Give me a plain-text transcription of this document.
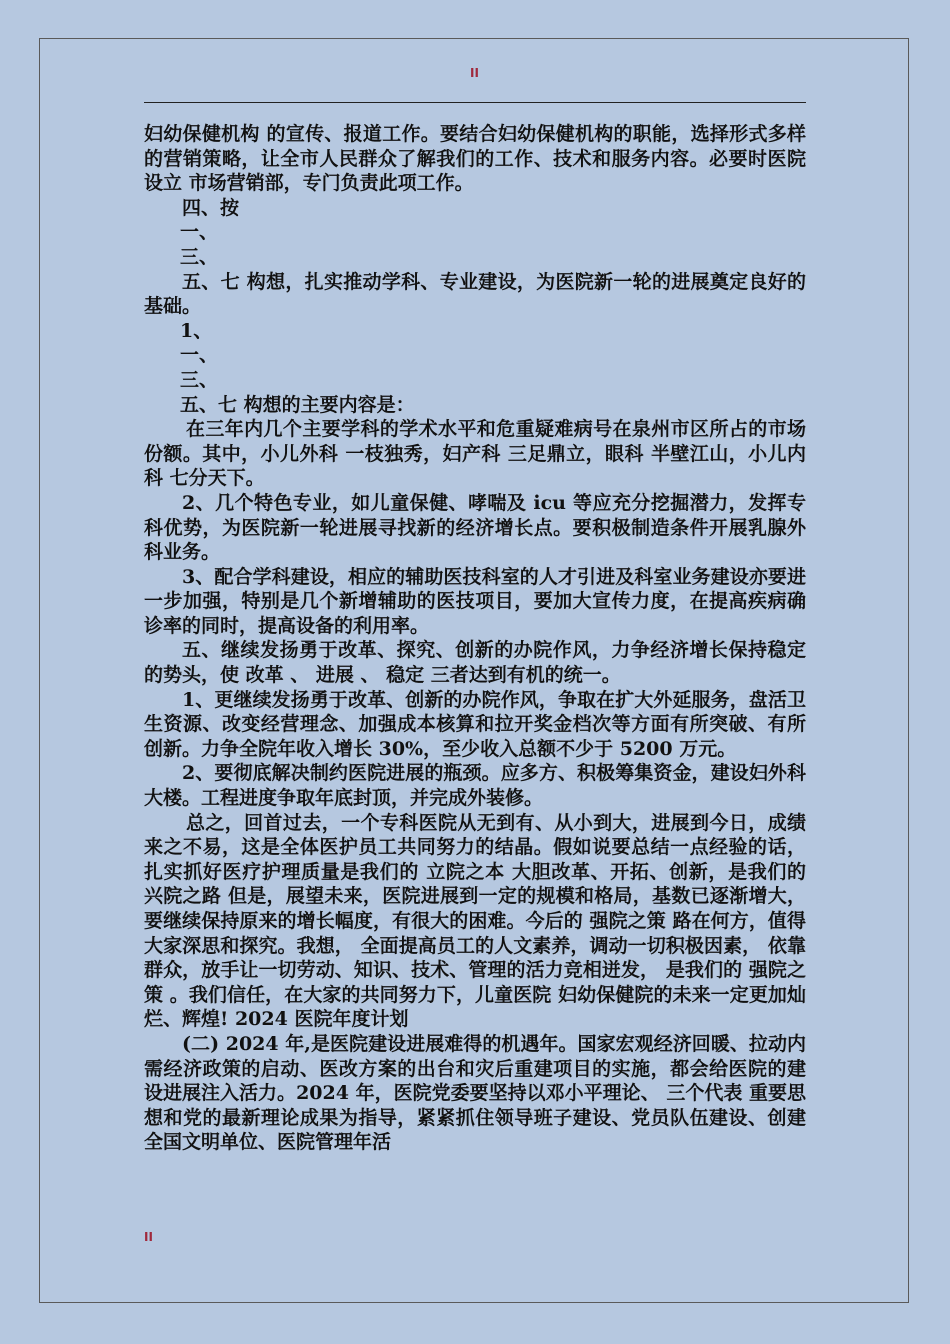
II

妇幼保健机构 的宣传、报道工作。要结合妇幼保健机构的职能，选择形式多样的营销策略，让全市人民群众了解我们的工作、技术和服务内容。必要时医院设立 市场营销部，专门负责此项工作。

四、按

一、

三、

五、七 构想，扎实推动学科、专业建设，为医院新一轮的进展奠定良好的基础。

1、

一、

三、

五、七 构想的主要内容是：

在三年内几个主要学科的学术水平和危重疑难病号在泉州市区所占的市场份额。其中，小儿外科 一枝独秀，妇产科 三足鼎立，眼科 半壁江山，小儿内科 七分天下。

2、几个特色专业，如儿童保健、哮喘及 icu 等应充分挖掘潜力，发挥专科优势，为医院新一轮进展寻找新的经济增长点。要积极制造条件开展乳腺外科业务。

3、配合学科建设，相应的辅助医技科室的人才引进及科室业务建设亦要进一步加强，特别是几个新增辅助的医技项目，要加大宣传力度，在提高疾病确诊率的同时，提高设备的利用率。

五、继续发扬勇于改革、探究、创新的办院作风，力争经济增长保持稳定的势头，使 改革 、 进展 、 稳定 三者达到有机的统一。

1、更继续发扬勇于改革、创新的办院作风，争取在扩大外延服务，盘活卫生资源、改变经营理念、加强成本核算和拉开奖金档次等方面有所突破、有所创新。力争全院年收入增长 30%，至少收入总额不少于 5200 万元。

2、要彻底解决制约医院进展的瓶颈。应多方、积极筹集资金，建设妇外科大楼。工程进度争取年底封顶，并完成外装修。

总之，回首过去，一个专科医院从无到有、从小到大，进展到今日，成绩来之不易，这是全体医护员工共同努力的结晶。假如说要总结一点经验的话，扎实抓好医疗护理质量是我们的 立院之本 大胆改革、开拓、创新，是我们的 兴院之路 但是，展望未来，医院进展到一定的规模和格局，基数已逐渐增大，要继续保持原来的增长幅度，有很大的困难。今后的 强院之策 路在何方，值得大家深思和探究。我想， 全面提高员工的人文素养，调动一切积极因素， 依靠群众，放手让一切劳动、知识、技术、管理的活力竞相迸发， 是我们的 强院之策 。我们信任，在大家的共同努力下，儿童医院 妇幼保健院的未来一定更加灿烂、辉煌! 2024 医院年度计划

(二) 2024 年,是医院建设进展难得的机遇年。国家宏观经济回暖、拉动内需经济政策的启动、医改方案的出台和灾后重建项目的实施，都会给医院的建设进展注入活力。2024 年，医院党委要坚持以邓小平理论、 三个代表 重要思想和党的最新理论成果为指导，紧紧抓住领导班子建设、党员队伍建设、创建全国文明单位、医院管理年活

II
